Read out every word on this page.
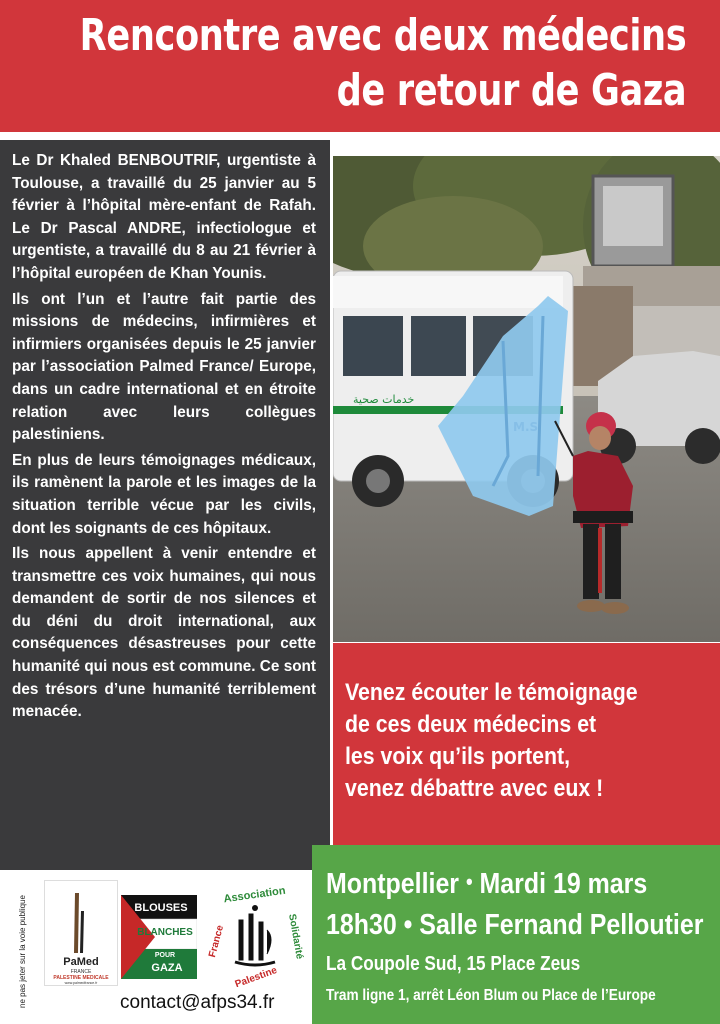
Rencontre avec deux médecins
de retour de Gaza

Le Dr Khaled BENBOUTRIF, urgentiste à Toulouse, a travaillé du 25 janvier au 5 février à l’hôpital mère-enfant de Rafah. Le Dr Pascal ANDRE, infectiologue et urgentiste, a travaillé du 8 au 21 février à l’hôpital européen de Khan Younis.

Ils ont l’un et l’autre fait partie des missions de médecins, infirmières et infirmiers organisées depuis le 25 janvier par l’association Palmed France/ Europe, dans un cadre international et en étroite relation avec leurs collègues palestiniens.

En plus de leurs témoignages médicaux, ils ramènent la parole et les images de la situation terrible vécue par les civils, dont les soignants de ces hôpitaux.

Ils nous appellent à venir entendre et transmettre ces voix humaines, qui nous demandent de sortir de nos silences et du déni du droit international, aux conséquences désastreuses pour cette humanité qui nous est commune. Ce sont des trésors d’une humanité terriblement menacée.

خدمات صحية
Venez écouter le témoignage
de ces deux médecins et
les voix qu’ils portent,
venez débattre avec eux !
Montpellier • Mardi 19 mars
18h30 • Salle Fernand Pelloutier
La Coupole Sud, 15 Place Zeus
Tram ligne 1, arrêt Léon Blum ou Place de l’Europe
ne pas jeter sur la voie publique	PaMed
FRANCE
PALESTINE MEDICALE
www.palmedfrance.fr
BLOUSES
BLANCHES
POUR
GAZA
Association
France
Palestine
Solidarité
contact@afps34.fr
